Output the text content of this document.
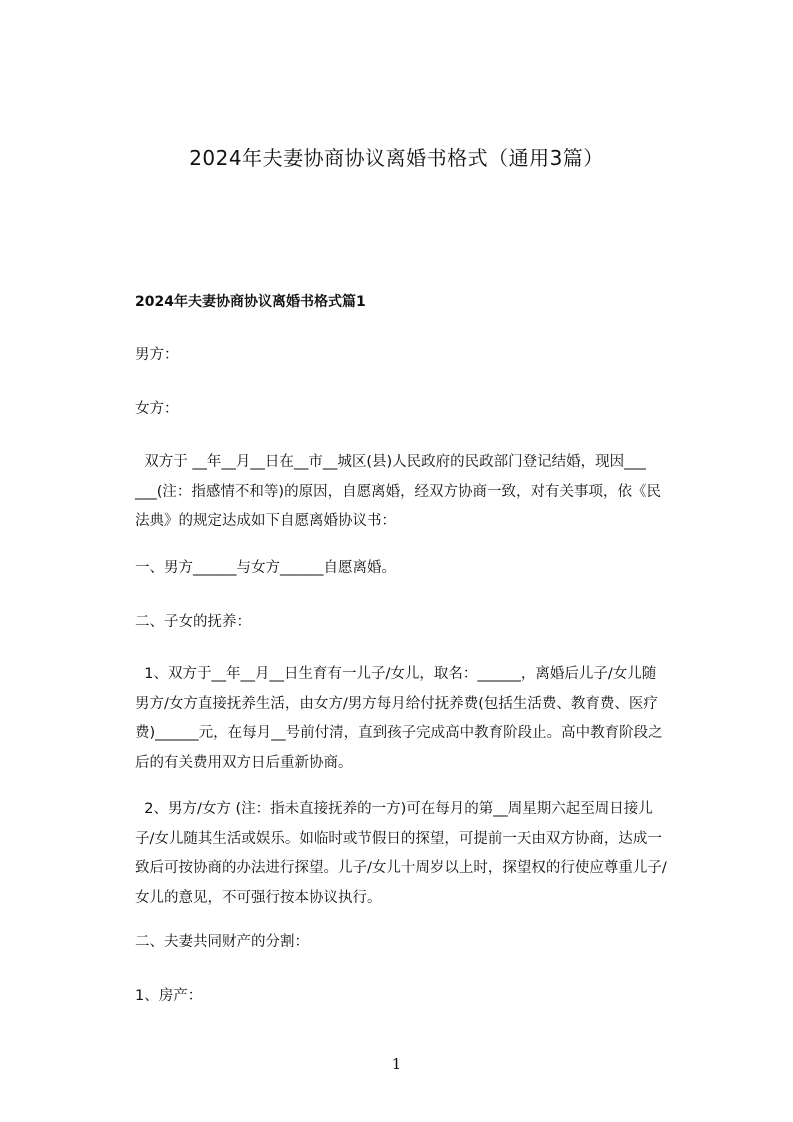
2024年夫妻协商协议离婚书格式（通用3篇）
2024年夫妻协商协议离婚书格式篇1
男方：
女方：
双方于 __年__月__日在__市__城区(县)人民政府的民政部门登记结婚，现因___
___(注：指感情不和等)的原因，自愿离婚，经双方协商一致，对有关事项，依《民
法典》的规定达成如下自愿离婚协议书：
一、男方______与女方______自愿离婚。
二、子女的抚养：
1、双方于__年__月__日生育有一儿子/女儿，取名：______，离婚后儿子/女儿随
男方/女方直接抚养生活，由女方/男方每月给付抚养费(包括生活费、教育费、医疗
费)______元，在每月__号前付清，直到孩子完成高中教育阶段止。高中教育阶段之
后的有关费用双方日后重新协商。
2、男方/女方 (注：指未直接抚养的一方)可在每月的第__周星期六起至周日接儿
子/女儿随其生活或娱乐。如临时或节假日的探望，可提前一天由双方协商，达成一
致后可按协商的办法进行探望。儿子/女儿十周岁以上时，探望权的行使应尊重儿子/
女儿的意见，不可强行按本协议执行。
二、夫妻共同财产的分割：
1、房产：
1
